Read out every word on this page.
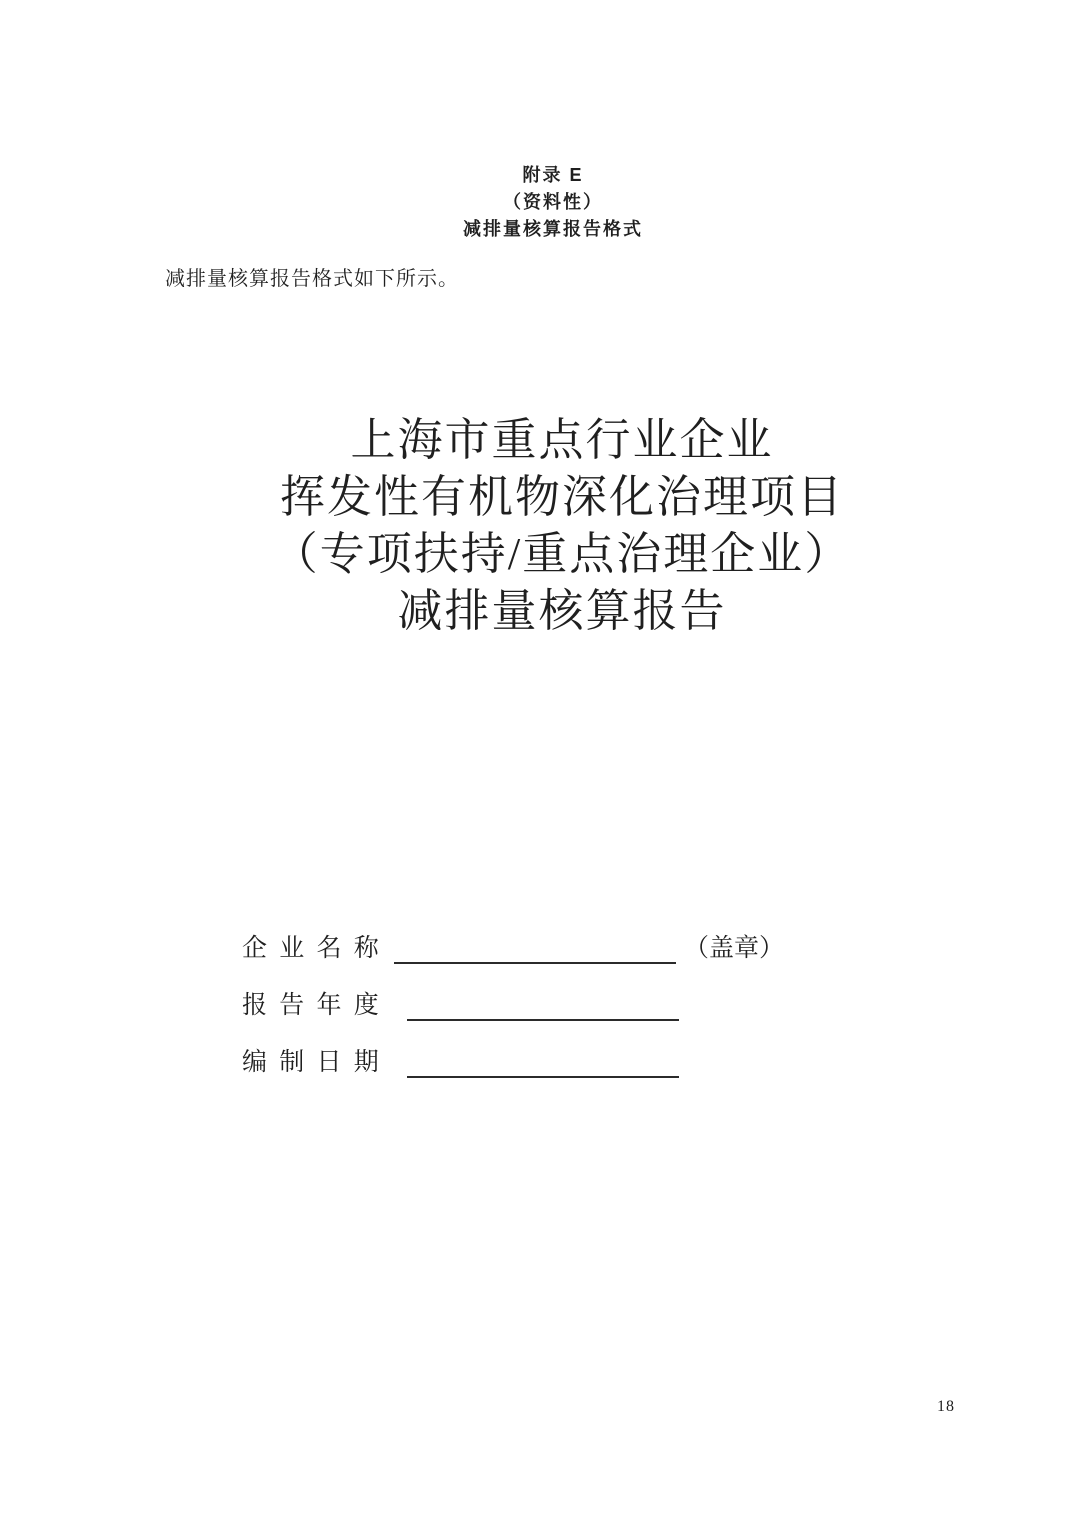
附录 E
（资料性）
减排量核算报告格式

减排量核算报告格式如下所示。

上海市重点行业企业
挥发性有机物深化治理项目
（专项扶持/重点治理企业）
减排量核算报告
企 业 名 称	（盖章）
报 告 年 度
编 制 日 期
18
